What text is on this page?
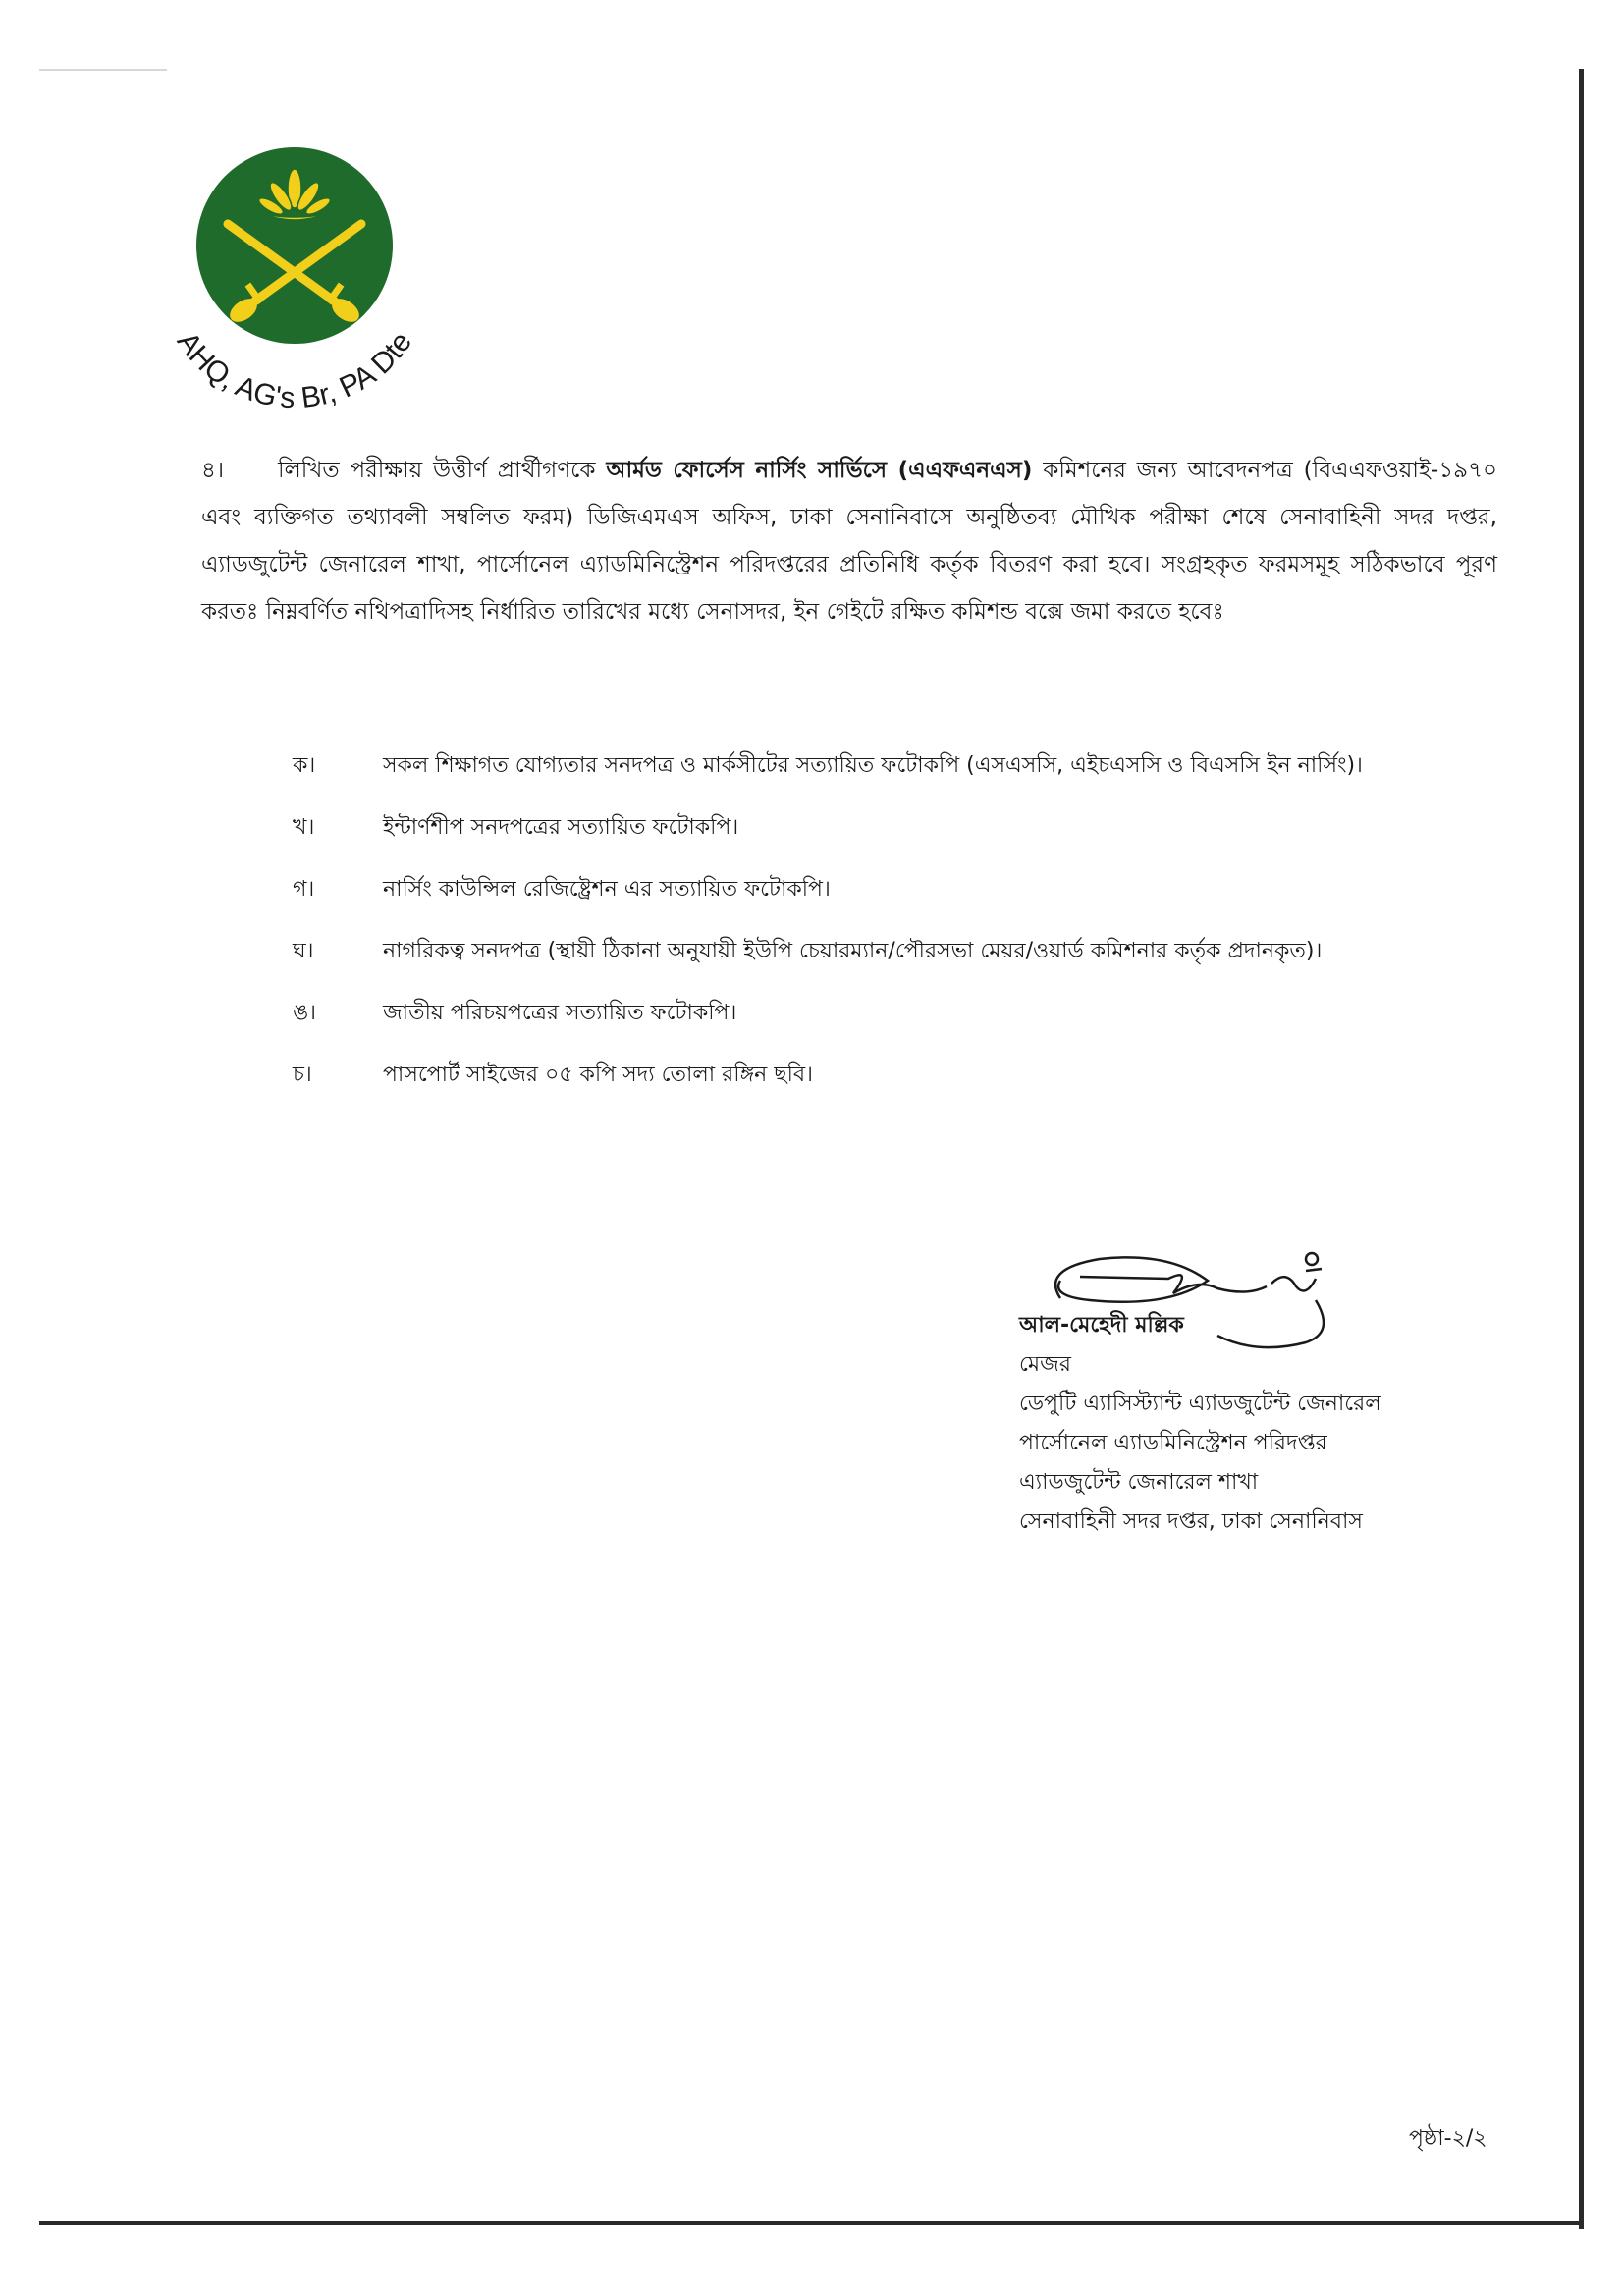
AHQ, AG's Br, PA Dte
৪। লিখিত পরীক্ষায় উত্তীর্ণ প্রার্থীগণকে আর্মড ফোর্সেস নার্সিং সার্ভিসে (এএফএনএস) কমিশনের জন্য আবেদনপত্র (বিএএফওয়াই-১৯৭০ এবং ব্যক্তিগত তথ্যাবলী সম্বলিত ফরম) ডিজিএমএস অফিস, ঢাকা সেনানিবাসে অনুষ্ঠিতব্য মৌখিক পরীক্ষা শেষে সেনাবাহিনী সদর দপ্তর, এ্যাডজুটেন্ট জেনারেল শাখা, পার্সোনেল এ্যাডমিনিস্ট্রেশন পরিদপ্তরের প্রতিনিধি কর্তৃক বিতরণ করা হবে। সংগ্রহকৃত ফরমসমূহ সঠিকভাবে পূরণ করতঃ নিম্নবর্ণিত নথিপত্রাদিসহ নির্ধারিত তারিখের মধ্যে সেনাসদর, ইন গেইটে রক্ষিত কমিশন্ড বক্সে জমা করতে হবেঃ
ক।	সকল শিক্ষাগত যোগ্যতার সনদপত্র ও মার্কসীটের সত্যায়িত ফটোকপি (এসএসসি, এইচএসসি ও বিএসসি ইন নার্সিং)।
খ।	ইন্টার্ণশীপ সনদপত্রের সত্যায়িত ফটোকপি।
গ।	নার্সিং কাউন্সিল রেজিষ্ট্রেশন এর সত্যায়িত ফটোকপি।
ঘ।	নাগরিকত্ব সনদপত্র (স্থায়ী ঠিকানা অনুযায়ী ইউপি চেয়ারম্যান/পৌরসভা মেয়র/ওয়ার্ড কমিশনার কর্তৃক প্রদানকৃত)।
ঙ।	জাতীয় পরিচয়পত্রের সত্যায়িত ফটোকপি।
চ।	পাসপোর্ট সাইজের ০৫ কপি সদ্য তোলা রঙ্গিন ছবি।
আল-মেহেদী মল্লিক
মেজর
ডেপুটি এ্যাসিস্ট্যান্ট এ্যাডজুটেন্ট জেনারেল
পার্সোনেল এ্যাডমিনিস্ট্রেশন পরিদপ্তর
এ্যাডজুটেন্ট জেনারেল শাখা
সেনাবাহিনী সদর দপ্তর, ঢাকা সেনানিবাস
পৃষ্ঠা-২/২
